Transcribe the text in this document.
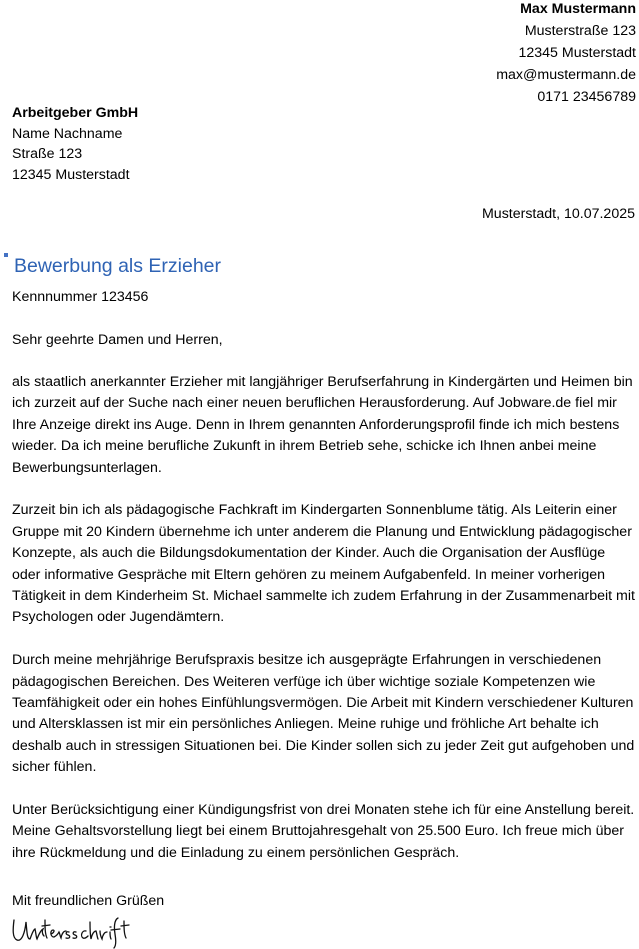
Max Mustermann
Musterstraße 123
12345 Musterstadt
max@mustermann.de
0171 23456789
Arbeitgeber GmbH
Name Nachname
Straße 123
12345 Musterstadt
Musterstadt, 10.07.2025
Bewerbung als Erzieher
Kennnummer 123456
Sehr geehrte Damen und Herren,

als staatlich anerkannter Erzieher mit langjähriger Berufserfahrung in Kindergärten und Heimen bin ich zurzeit auf der Suche nach einer neuen beruflichen Herausforderung. Auf Jobware.de fiel mir Ihre Anzeige direkt ins Auge. Denn in Ihrem genannten Anforderungsprofil finde ich mich bestens wieder. Da ich meine berufliche Zukunft in ihrem Betrieb sehe, schicke ich Ihnen anbei meine Bewerbungsunterlagen.

Zurzeit bin ich als pädagogische Fachkraft im Kindergarten Sonnenblume tätig. Als Leiterin einer Gruppe mit 20 Kindern übernehme ich unter anderem die Planung und Entwicklung pädagogischer Konzepte, als auch die Bildungsdokumentation der Kinder. Auch die Organisation der Ausflüge oder informative Gespräche mit Eltern gehören zu meinem Aufgabenfeld. In meiner vorherigen Tätigkeit in dem Kinderheim St. Michael sammelte ich zudem Erfahrung in der Zusammenarbeit mit Psychologen oder Jugendämtern.

Durch meine mehrjährige Berufspraxis besitze ich ausgeprägte Erfahrungen in verschiedenen pädagogischen Bereichen. Des Weiteren verfüge ich über wichtige soziale Kompetenzen wie Teamfähigkeit oder ein hohes Einfühlungsvermögen. Die Arbeit mit Kindern verschiedener Kulturen und Altersklassen ist mir ein persönliches Anliegen. Meine ruhige und fröhliche Art behalte ich deshalb auch in stressigen Situationen bei. Die Kinder sollen sich zu jeder Zeit gut aufgehoben und sicher fühlen.

Unter Berücksichtigung einer Kündigungsfrist von drei Monaten stehe ich für eine Anstellung bereit. Meine Gehaltsvorstellung liegt bei einem Bruttojahresgehalt von 25.500 Euro. Ich freue mich über ihre Rückmeldung und die Einladung zu einem persönlichen Gespräch.

Mit freundlichen Grüßen
